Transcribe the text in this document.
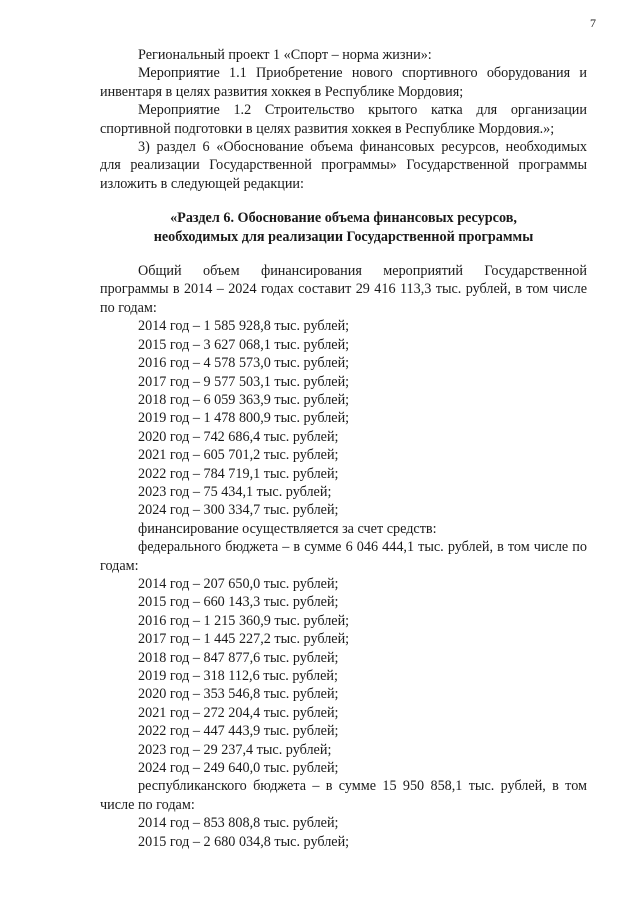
7

Региональный проект 1 «Спорт – норма жизни»:

Мероприятие 1.1 Приобретение нового спортивного оборудования и инвентаря в целях развития хоккея в Республике Мордовия;

Мероприятие 1.2 Строительство крытого катка для организации спортивной подготовки в целях развития хоккея в Республике Мордовия.»;

3) раздел 6 «Обоснование объема финансовых ресурсов, необходимых для реализации Государственной программы» Государственной программы изложить в следующей редакции:

«Раздел 6. Обоснование объема финансовых ресурсов,
необходимых для реализации Государственной программы

Общий объем финансирования мероприятий Государственной программы в 2014 – 2024 годах составит 29 416 113,3 тыс. рублей, в том числе по годам:

2014 год – 1 585 928,8 тыс. рублей;
2015 год – 3 627 068,1 тыс. рублей;
2016 год – 4 578 573,0 тыс. рублей;
2017 год – 9 577 503,1 тыс. рублей;
2018 год – 6 059 363,9 тыс. рублей;
2019 год – 1 478 800,9 тыс. рублей;
2020 год – 742 686,4 тыс. рублей;
2021 год – 605 701,2 тыс. рублей;
2022 год – 784 719,1 тыс. рублей;
2023 год – 75 434,1 тыс. рублей;
2024 год – 300 334,7 тыс. рублей;
финансирование осуществляется за счет средств:

федерального бюджета – в сумме 6 046 444,1 тыс. рублей, в том числе по годам:

2014 год – 207 650,0 тыс. рублей;
2015 год – 660 143,3 тыс. рублей;
2016 год – 1 215 360,9 тыс. рублей;
2017 год – 1 445 227,2 тыс. рублей;
2018 год – 847 877,6 тыс. рублей;
2019 год – 318 112,6 тыс. рублей;
2020 год – 353 546,8 тыс. рублей;
2021 год – 272 204,4 тыс. рублей;
2022 год – 447 443,9 тыс. рублей;
2023 год – 29 237,4 тыс. рублей;
2024 год – 249 640,0 тыс. рублей;

республиканского бюджета – в сумме 15 950 858,1 тыс. рублей, в том числе по годам:

2014 год – 853 808,8 тыс. рублей;
2015 год – 2 680 034,8 тыс. рублей;
